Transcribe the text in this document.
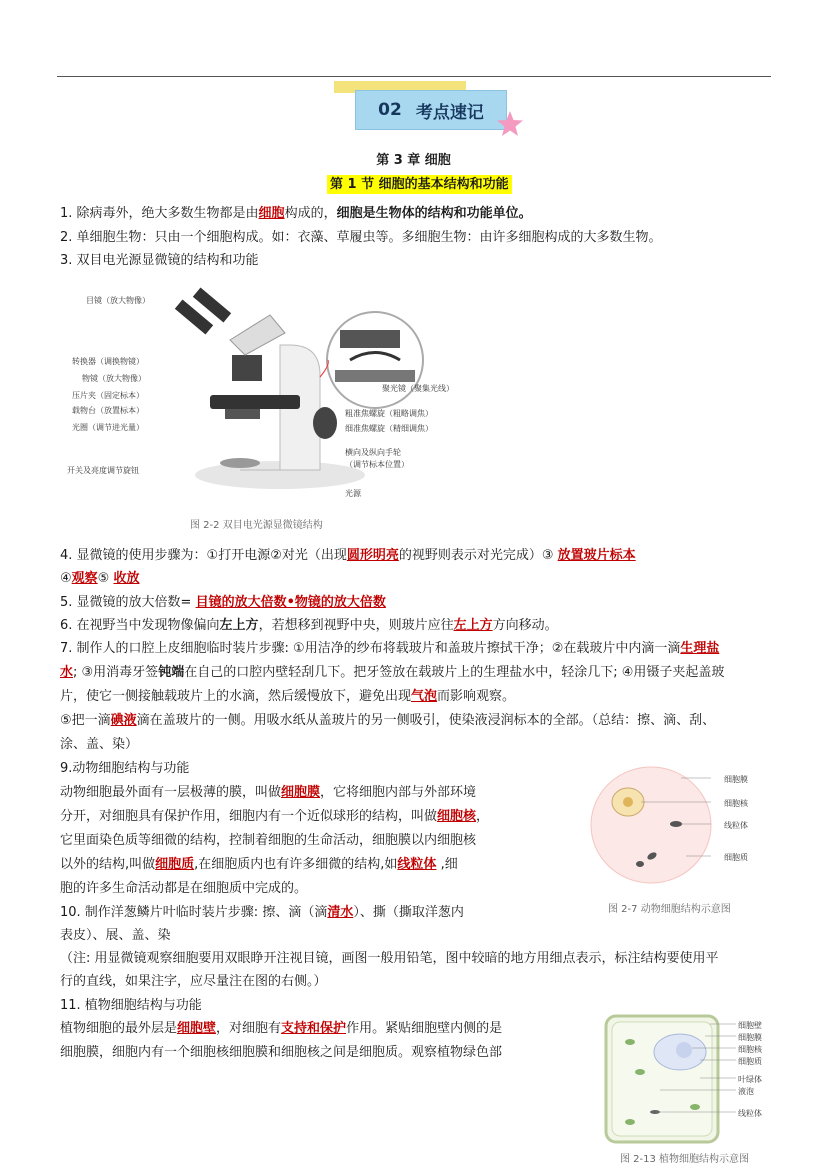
02 考点速记
第 3 章 细胞
第 1 节 细胞的基本结构和功能
1. 除病毒外，绝大多数生物都是由细胞构成的，细胞是生物体的结构和功能单位。
2. 单细胞生物：只由一个细胞构成。如：衣藻、草履虫等。多细胞生物：由许多细胞构成的大多数生物。
3. 双目电光源显微镜的结构和功能
目镜（放大物像）
转换器（调换物镜）
物镜（放大物像）
压片夹（固定标本）
载物台（放置标本）
光圈（调节进光量）
开关及亮度调节旋钮
聚光镜（聚集光线）
粗准焦螺旋（粗略调焦）
细准焦螺旋（精细调焦）
横向及纵向手轮
（调节标本位置）
光源
图 2-2 双目电光源显微镜结构
4. 显微镜的使用步骤为：①打开电源②对光（出现圆形明亮的视野则表示对光完成）③ 放置玻片标本
④观察⑤ 收放
5. 显微镜的放大倍数= 目镜的放大倍数•物镜的放大倍数
6. 在视野当中发现物像偏向左上方，若想移到视野中央，则玻片应往左上方方向移动。
7. 制作人的口腔上皮细胞临时装片步骤: ①用洁净的纱布将载玻片和盖玻片擦拭干净；②在载玻片中内滴一滴生理盐
水; ③用消毒牙签钝端在自己的口腔内壁轻刮几下。把牙签放在载玻片上的生理盐水中，轻涂几下; ④用镊子夹起盖玻
片，使它一侧接触载玻片上的水滴，然后缓慢放下，避免出现气泡而影响观察。
⑤把一滴碘液滴在盖玻片的一侧。用吸水纸从盖玻片的另一侧吸引，使染液浸润标本的全部。（总结：擦、滴、刮、
涂、盖、染）
9.动物细胞结构与功能
动物细胞最外面有一层极薄的膜，叫做细胞膜，它将细胞内部与外部环境
分开，对细胞具有保护作用，细胞内有一个近似球形的结构，叫做细胞核，
它里面染色质等细微的结构，控制着细胞的生命活动，细胞膜以内细胞核
以外的结构,叫做细胞质,在细胞质内也有许多细微的结构,如线粒体 ,细
胞的许多生命活动都是在细胞质中完成的。
细胞膜
细胞核
线粒体
细胞质
图 2-7 动物细胞结构示意图
10. 制作洋葱鳞片叶临时装片步骤: 擦、滴（滴清水）、撕（撕取洋葱内
表皮）、展、盖、染
（注: 用显微镜观察细胞要用双眼睁开注视目镜，画图一般用铅笔，图中较暗的地方用细点表示，标注结构要使用平
行的直线，如果注字，应尽量注在图的右侧。）
11. 植物细胞结构与功能
植物细胞的最外层是细胞壁，对细胞有支持和保护作用。紧贴细胞壁内侧的是
细胞膜，细胞内有一个细胞核细胞膜和细胞核之间是细胞质。观察植物绿色部
细胞壁
细胞膜
细胞核
细胞质
叶绿体
液泡
线粒体
图 2-13 植物细胞结构示意图
